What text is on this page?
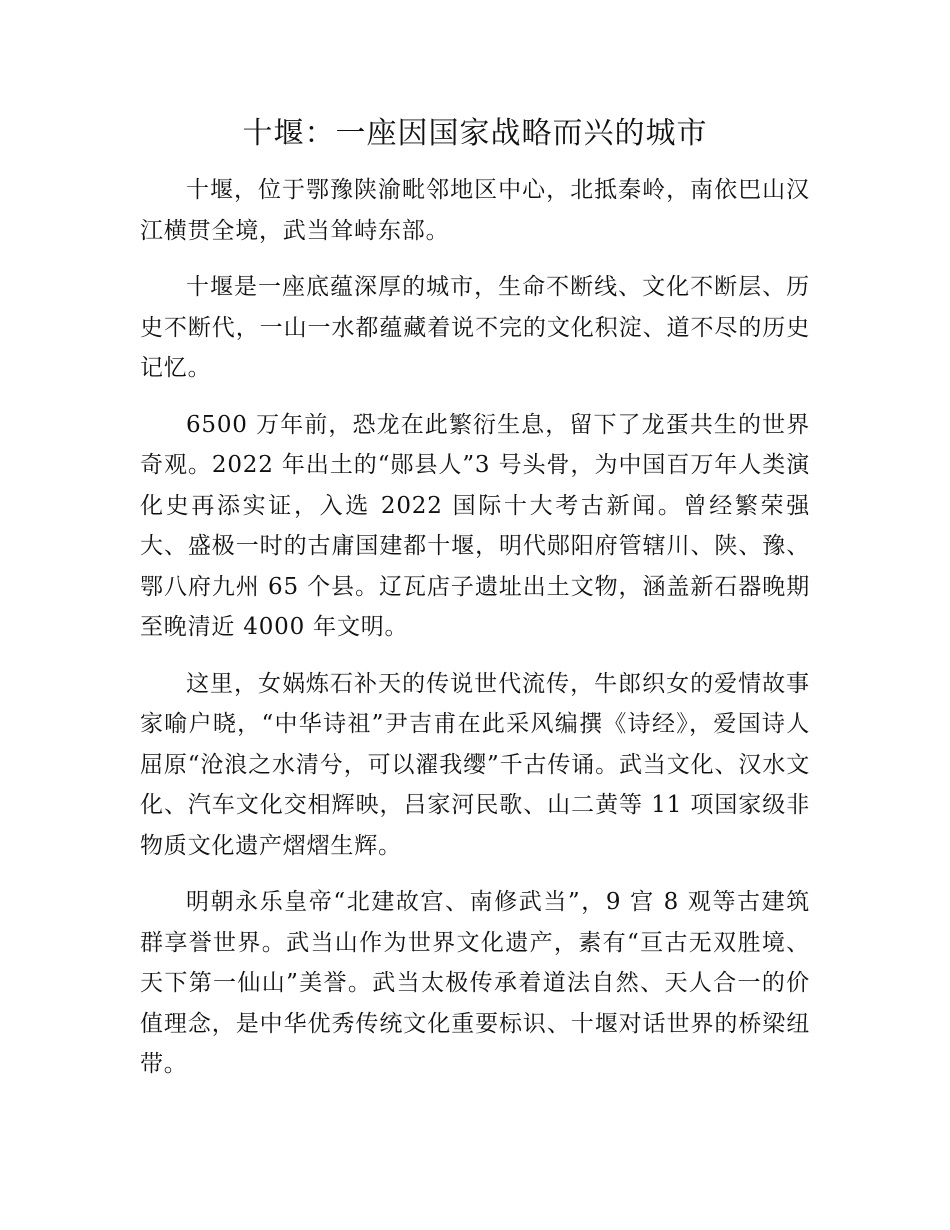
十堰：一座因国家战略而兴的城市

十堰，位于鄂豫陕渝毗邻地区中心，北抵秦岭，南依巴山汉江横贯全境，武当耸峙东部。

十堰是一座底蕴深厚的城市，生命不断线、文化不断层、历史不断代，一山一水都蕴藏着说不完的文化积淀、道不尽的历史记忆。

6500 万年前，恐龙在此繁衍生息，留下了龙蛋共生的世界奇观。2022 年出土的“郧县人”3 号头骨，为中国百万年人类演化史再添实证，入选 2022 国际十大考古新闻。曾经繁荣强大、盛极一时的古庸国建都十堰，明代郧阳府管辖川、陕、豫、鄂八府九州 65 个县。辽瓦店子遗址出土文物，涵盖新石器晚期至晚清近 4000 年文明。

这里，女娲炼石补天的传说世代流传，牛郎织女的爱情故事家喻户晓，“中华诗祖”尹吉甫在此采风编撰《诗经》，爱国诗人屈原“沧浪之水清兮，可以濯我缨”千古传诵。武当文化、汉水文化、汽车文化交相辉映，吕家河民歌、山二黄等 11 项国家级非物质文化遗产熠熠生辉。

明朝永乐皇帝“北建故宫、南修武当”，9 宫 8 观等古建筑群享誉世界。武当山作为世界文化遗产，素有“亘古无双胜境、天下第一仙山”美誉。武当太极传承着道法自然、天人合一的价值理念，是中华优秀传统文化重要标识、十堰对话世界的桥梁纽带。
